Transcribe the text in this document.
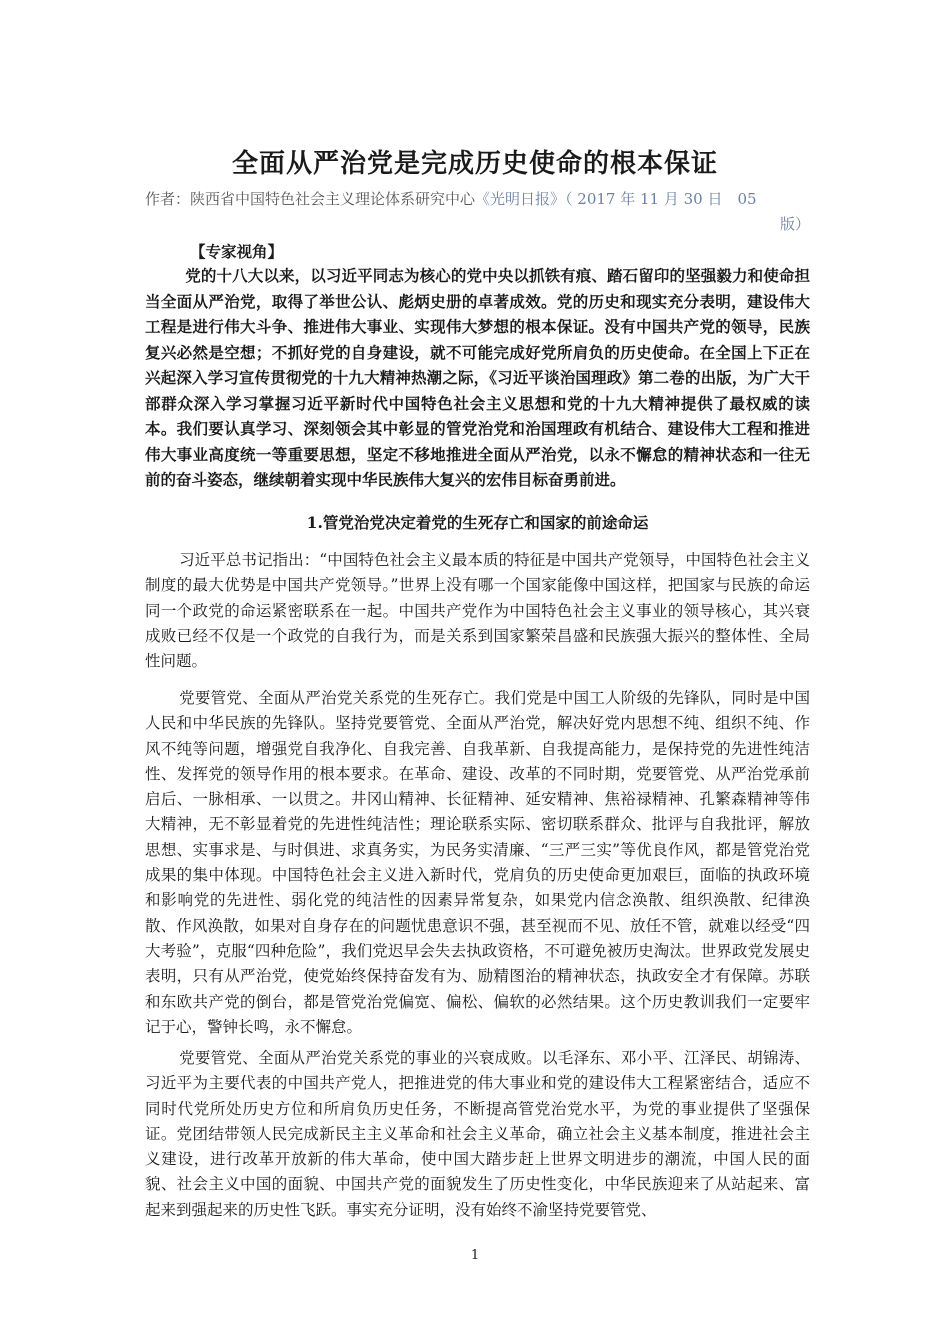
全面从严治党是完成历史使命的根本保证
作者：陕西省中国特色社会主义理论体系研究中心《光明日报》（ 2017 年 11 月 30 日　05
版）
【专家视角】
党的十八大以来，以习近平同志为核心的党中央以抓铁有痕、踏石留印的坚强毅力和使命担当全面从严治党，取得了举世公认、彪炳史册的卓著成效。党的历史和现实充分表明，建设伟大工程是进行伟大斗争、推进伟大事业、实现伟大梦想的根本保证。没有中国共产党的领导，民族复兴必然是空想；不抓好党的自身建设，就不可能完成好党所肩负的历史使命。在全国上下正在兴起深入学习宣传贯彻党的十九大精神热潮之际，《习近平谈治国理政》第二卷的出版，为广大干部群众深入学习掌握习近平新时代中国特色社会主义思想和党的十九大精神提供了最权威的读本。我们要认真学习、深刻领会其中彰显的管党治党和治国理政有机结合、建设伟大工程和推进伟大事业高度统一等重要思想，坚定不移地推进全面从严治党，以永不懈怠的精神状态和一往无前的奋斗姿态，继续朝着实现中华民族伟大复兴的宏伟目标奋勇前进。
1.管党治党决定着党的生死存亡和国家的前途命运
习近平总书记指出：“中国特色社会主义最本质的特征是中国共产党领导，中国特色社会主义制度的最大优势是中国共产党领导。”世界上没有哪一个国家能像中国这样，把国家与民族的命运同一个政党的命运紧密联系在一起。中国共产党作为中国特色社会主义事业的领导核心，其兴衰成败已经不仅是一个政党的自我行为，而是关系到国家繁荣昌盛和民族强大振兴的整体性、全局性问题。
党要管党、全面从严治党关系党的生死存亡。我们党是中国工人阶级的先锋队，同时是中国人民和中华民族的先锋队。坚持党要管党、全面从严治党，解决好党内思想不纯、组织不纯、作风不纯等问题，增强党自我净化、自我完善、自我革新、自我提高能力，是保持党的先进性纯洁性、发挥党的领导作用的根本要求。在革命、建设、改革的不同时期，党要管党、从严治党承前启后、一脉相承、一以贯之。井冈山精神、长征精神、延安精神、焦裕禄精神、孔繁森精神等伟大精神，无不彰显着党的先进性纯洁性；理论联系实际、密切联系群众、批评与自我批评，解放思想、实事求是、与时俱进、求真务实，为民务实清廉、“三严三实”等优良作风，都是管党治党成果的集中体现。中国特色社会主义进入新时代，党肩负的历史使命更加艰巨，面临的执政环境和影响党的先进性、弱化党的纯洁性的因素异常复杂，如果党内信念涣散、组织涣散、纪律涣散、作风涣散，如果对自身存在的问题忧患意识不强，甚至视而不见、放任不管，就难以经受“四大考验”，克服“四种危险”，我们党迟早会失去执政资格，不可避免被历史淘汰。世界政党发展史表明，只有从严治党，使党始终保持奋发有为、励精图治的精神状态，执政安全才有保障。苏联和东欧共产党的倒台，都是管党治党偏宽、偏松、偏软的必然结果。这个历史教训我们一定要牢记于心，警钟长鸣，永不懈怠。
党要管党、全面从严治党关系党的事业的兴衰成败。以毛泽东、邓小平、江泽民、胡锦涛、习近平为主要代表的中国共产党人，把推进党的伟大事业和党的建设伟大工程紧密结合，适应不同时代党所处历史方位和所肩负历史任务，不断提高管党治党水平，为党的事业提供了坚强保证。党团结带领人民完成新民主主义革命和社会主义革命，确立社会主义基本制度，推进社会主义建设，进行改革开放新的伟大革命，使中国大踏步赶上世界文明进步的潮流，中国人民的面貌、社会主义中国的面貌、中国共产党的面貌发生了历史性变化，中华民族迎来了从站起来、富起来到强起来的历史性飞跃。事实充分证明，没有始终不渝坚持党要管党、
1
